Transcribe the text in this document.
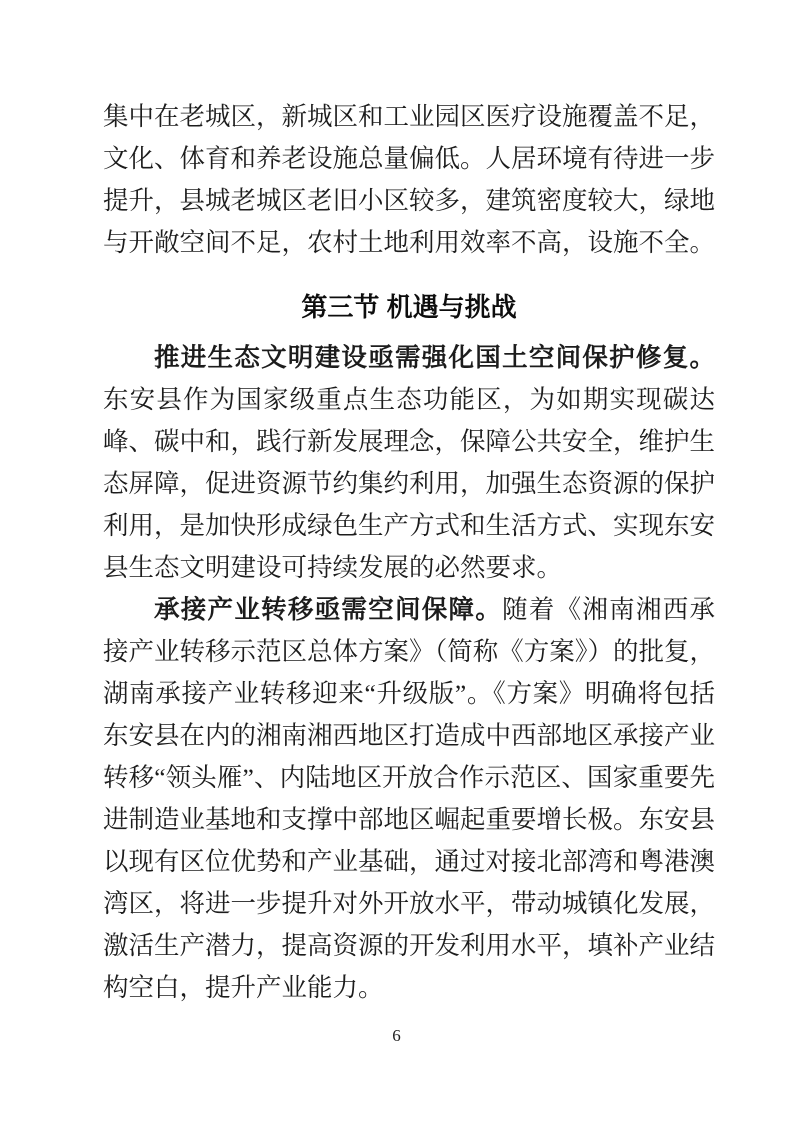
集中在老城区，新城区和工业园区医疗设施覆盖不足，文化、体育和养老设施总量偏低。人居环境有待进一步提升，县城老城区老旧小区较多，建筑密度较大，绿地与开敞空间不足，农村土地利用效率不高，设施不全。

第三节 机遇与挑战

推进生态文明建设亟需强化国土空间保护修复。东安县作为国家级重点生态功能区，为如期实现碳达峰、碳中和，践行新发展理念，保障公共安全，维护生态屏障，促进资源节约集约利用，加强生态资源的保护利用，是加快形成绿色生产方式和生活方式、实现东安县生态文明建设可持续发展的必然要求。

承接产业转移亟需空间保障。随着《湘南湘西承接产业转移示范区总体方案》（简称《方案》）的批复，湖南承接产业转移迎来“升级版”。《方案》明确将包括东安县在内的湘南湘西地区打造成中西部地区承接产业转移“领头雁”、内陆地区开放合作示范区、国家重要先进制造业基地和支撑中部地区崛起重要增长极。东安县以现有区位优势和产业基础，通过对接北部湾和粤港澳湾区，将进一步提升对外开放水平，带动城镇化发展，激活生产潜力，提高资源的开发利用水平，填补产业结构空白，提升产业能力。

6
